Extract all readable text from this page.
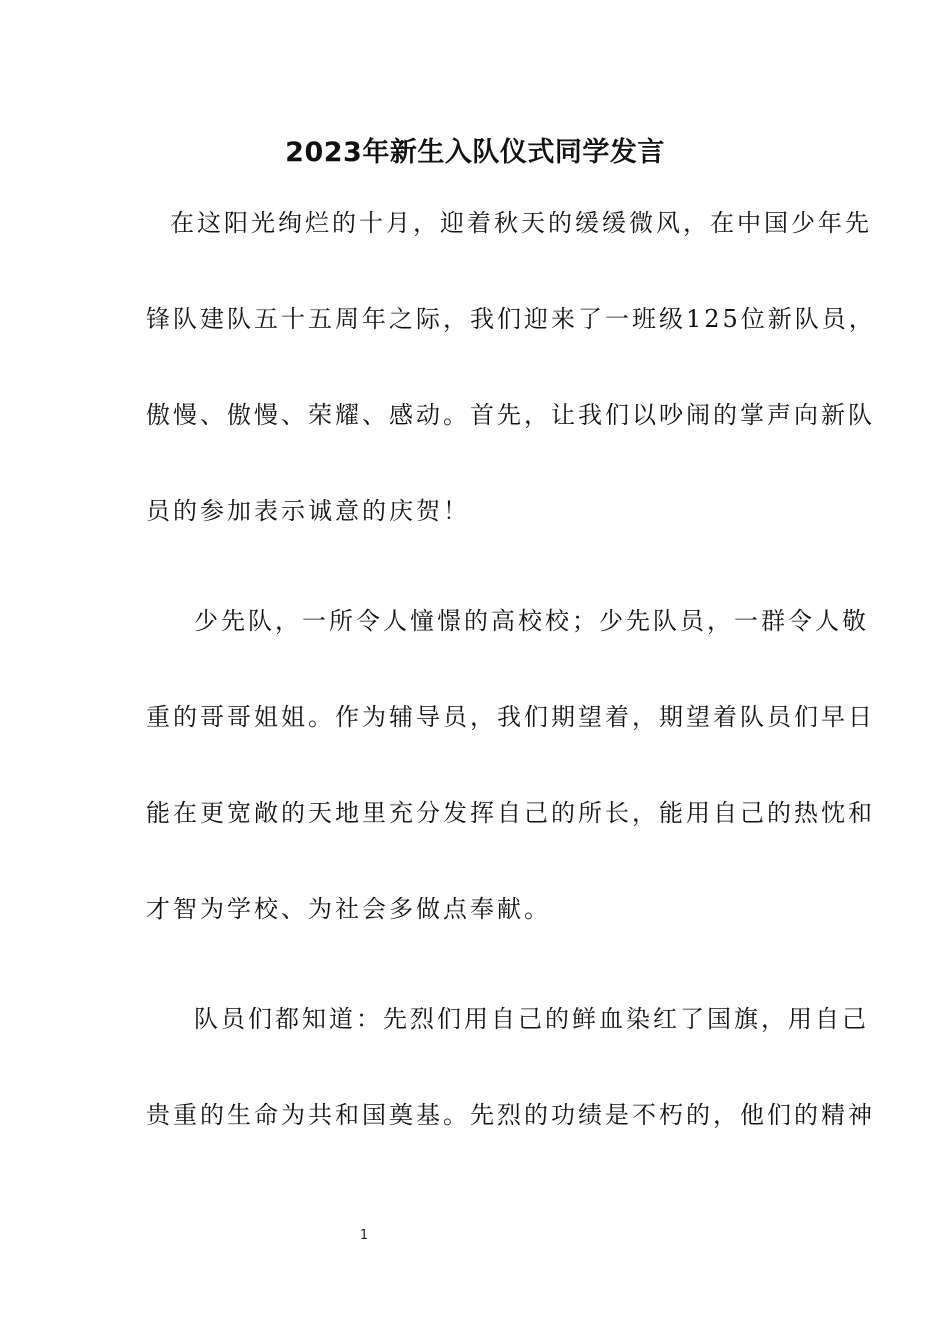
2023年新生入队仪式同学发言

在这阳光绚烂的十月，迎着秋天的缓缓微风，在中国少年先

锋队建队五十五周年之际，我们迎来了一班级125位新队员，

傲慢、傲慢、荣耀、感动。首先，让我们以吵闹的掌声向新队

员的参加表示诚意的庆贺！

少先队，一所令人憧憬的高校校；少先队员，一群令人敬

重的哥哥姐姐。作为辅导员，我们期望着，期望着队员们早日

能在更宽敞的天地里充分发挥自己的所长，能用自己的热忱和

才智为学校、为社会多做点奉献。

队员们都知道：先烈们用自己的鲜血染红了国旗，用自己

贵重的生命为共和国奠基。先烈的功绩是不朽的，他们的精神

1
